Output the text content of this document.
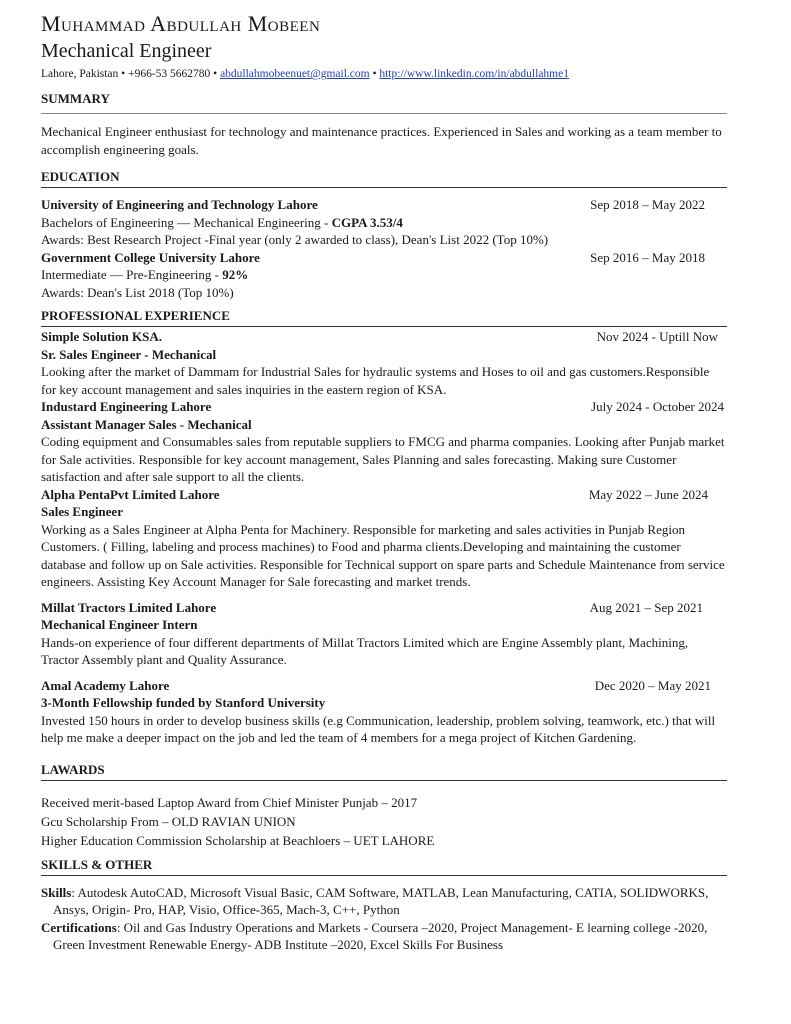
Muhammad Abdullah Mobeen
Mechanical Engineer
Lahore, Pakistan • +966-53 5662780 • abdullahmobeenuet@gmail.com • http://www.linkedin.com/in/abdullahme1
SUMMARY
Mechanical Engineer enthusiast for technology and maintenance practices. Experienced in Sales and working as a team member to accomplish engineering goals.
EDUCATION
University of Engineering and Technology Lahore	Sep 2018 – May 2022
Bachelors of Engineering — Mechanical Engineering - CGPA 3.53/4
Awards: Best Research Project -Final year (only 2 awarded to class), Dean's List 2022 (Top 10%)
Government College University Lahore	Sep 2016 – May 2018
Intermediate — Pre-Engineering - 92%
Awards: Dean's List 2018 (Top 10%)
PROFESSIONAL EXPERIENCE
Simple Solution KSA.	Nov 2024 - Uptill Now
Sr. Sales Engineer - Mechanical
Looking after the market of Dammam for Industrial Sales for hydraulic systems and Hoses to oil and gas customers.Responsible for key account management and sales inquiries in the eastern region of KSA.
Industard Engineering Lahore	July 2024 - October 2024
Assistant Manager Sales - Mechanical
Coding equipment and Consumables sales from reputable suppliers to FMCG and pharma companies. Looking after Punjab market for Sale activities. Responsible for key account management, Sales Planning and sales forecasting. Making sure Customer satisfaction and after sale support to all the clients.
Alpha PentaPvt Limited Lahore	May 2022 – June 2024
Sales Engineer
Working as a Sales Engineer at Alpha Penta for Machinery. Responsible for marketing and sales activities in Punjab Region Customers. ( Filling, labeling and process machines) to Food and pharma clients.Developing and maintaining the customer database and follow up on Sale activities. Responsible for Technical support on spare parts and Schedule Maintenance from service engineers. Assisting Key Account Manager for Sale forecasting and market trends.
Millat Tractors Limited Lahore	Aug 2021 – Sep 2021
Mechanical Engineer Intern
Hands-on experience of four different departments of Millat Tractors Limited which are Engine Assembly plant, Machining, Tractor Assembly plant and Quality Assurance.
Amal Academy Lahore	Dec 2020 – May 2021
3-Month Fellowship funded by Stanford University
Invested 150 hours in order to develop business skills (e.g Communication, leadership, problem solving, teamwork, etc.) that will help me make a deeper impact on the job and led the team of 4 members for a mega project of Kitchen Gardening.
LAWARDS
Received merit-based Laptop Award from Chief Minister Punjab – 2017
Gcu Scholarship From – OLD RAVIAN UNION
Higher Education Commission Scholarship at Beachloers – UET LAHORE
SKILLS & OTHER
Skills: Autodesk AutoCAD, Microsoft Visual Basic, CAM Software, MATLAB, Lean Manufacturing, CATIA, SOLIDWORKS, Ansys, Origin- Pro, HAP, Visio, Office-365, Mach-3, C++, Python
Certifications: Oil and Gas Industry Operations and Markets - Coursera –2020, Project Management- E learning college -2020, Green Investment Renewable Energy- ADB Institute –2020, Excel Skills For Business
